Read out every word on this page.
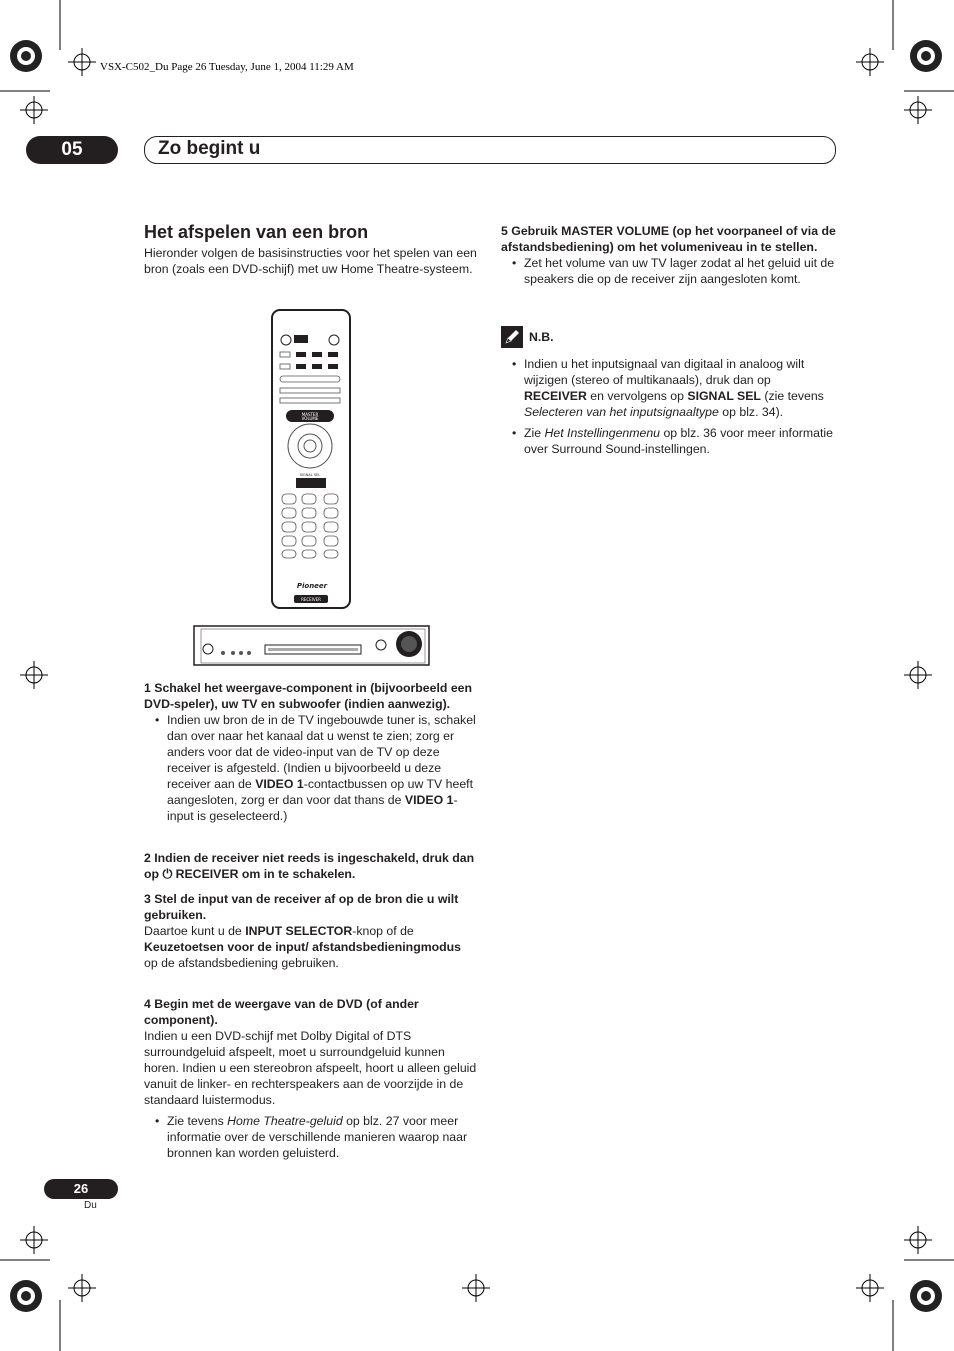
VSX-C502_Du Page 26 Tuesday, June 1, 2004 11:29 AM
05	Zo begint u
Het afspelen van een bron
Hieronder volgen de basisinstructies voor het spelen van een bron (zoals een DVD-schijf) met uw Home Theatre-systeem.
MASTER
VOLUME
SIGNAL SEL
Pioneer
RECEIVER
1 Schakel het weergave-component in (bijvoorbeeld een DVD-speler), uw TV en subwoofer (indien aanwezig).
• Indien uw bron de in de TV ingebouwde tuner is, schakel dan over naar het kanaal dat u wenst te zien; zorg er anders voor dat de video-input van de TV op deze receiver is afgesteld. (Indien u bijvoorbeeld u deze receiver aan de VIDEO 1-contactbussen op uw TV heeft aangesloten, zorg er dan voor dat thans de VIDEO 1-input is geselecteerd.)
2 Indien de receiver niet reeds is ingeschakeld, druk dan op ⏻ RECEIVER om in te schakelen.
3 Stel de input van de receiver af op de bron die u wilt gebruiken.
Daartoe kunt u de INPUT SELECTOR-knop of de Keuzetoetsen voor de input/ afstandsbedieningmodus op de afstandsbediening gebruiken.
4 Begin met de weergave van de DVD (of ander component).
Indien u een DVD-schijf met Dolby Digital of DTS surroundgeluid afspeelt, moet u surroundgeluid kunnen horen. Indien u een stereobron afspeelt, hoort u alleen geluid vanuit de linker- en rechterspeakers aan de voorzijde in de standaard luistermodus.
• Zie tevens Home Theatre-geluid op blz. 27 voor meer informatie over de verschillende manieren waarop naar bronnen kan worden geluisterd.
5 Gebruik MASTER VOLUME (op het voorpaneel of via de afstandsbediening) om het volumeniveau in te stellen.
• Zet het volume van uw TV lager zodat al het geluid uit de speakers die op de receiver zijn aangesloten komt.
N.B.
• Indien u het inputsignaal van digitaal in analoog wilt wijzigen (stereo of multikanaals), druk dan op RECEIVER en vervolgens op SIGNAL SEL (zie tevens Selecteren van het inputsignaaltype op blz. 34).
• Zie Het Instellingenmenu op blz. 36 voor meer informatie over Surround Sound-instellingen.
26
Du
